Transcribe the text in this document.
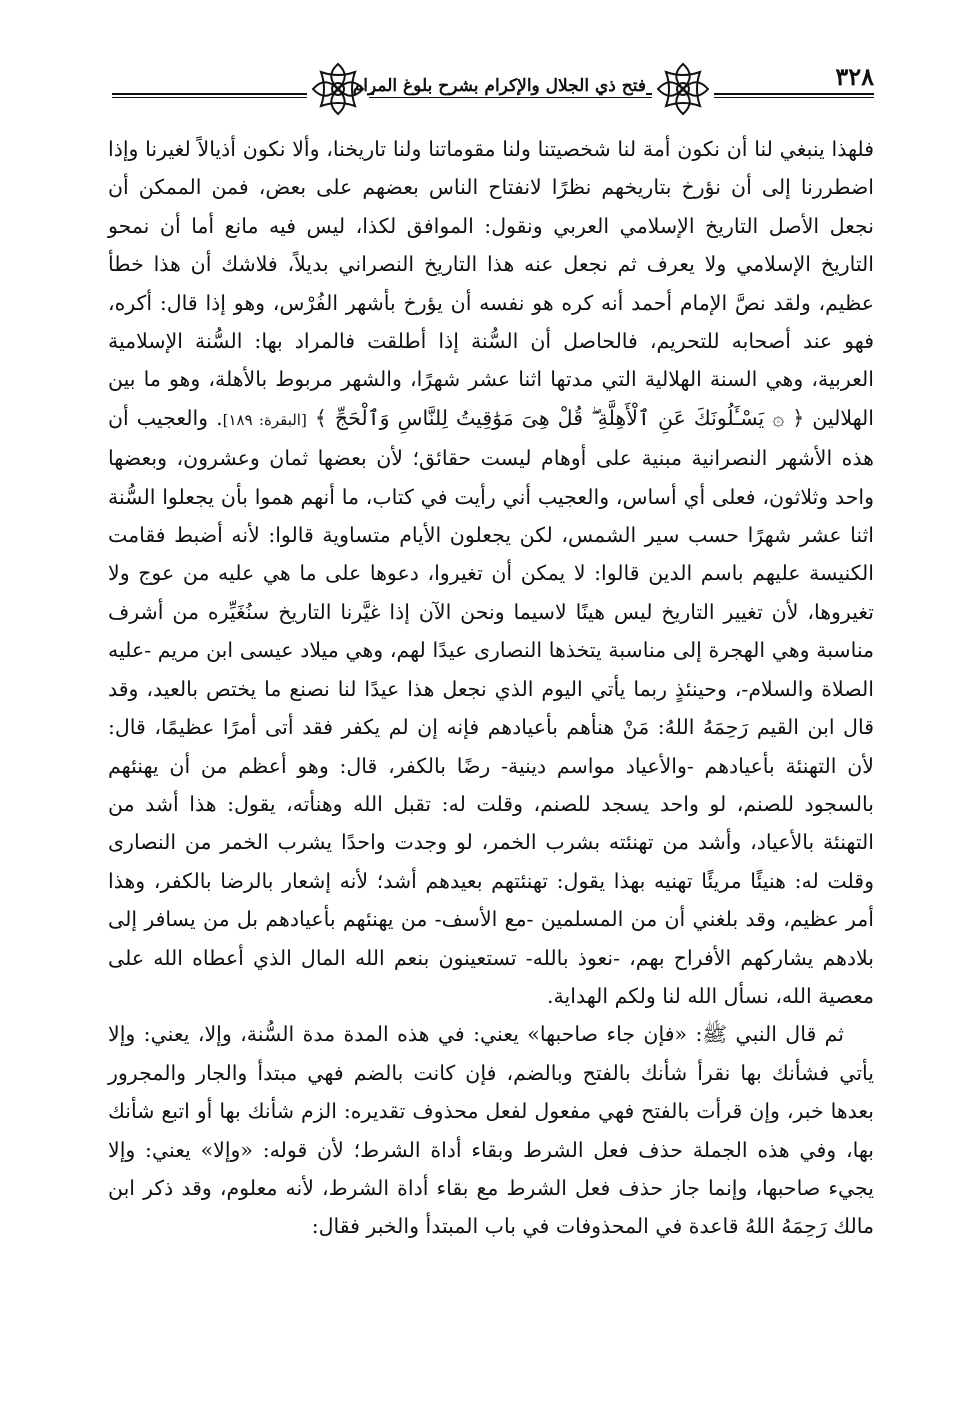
فتح ذي الجلال والإكرام بشرح بلوغ المرام	٣٢٨

فلهذا ينبغي لنا أن نكون أمة لنا شخصيتنا ولنا مقوماتنا ولنا تاريخنا، وألا نكون أذيالاً لغيرنا وإذا اضطررنا إلى أن نؤرخ بتاريخهم نظرًا لانفتاح الناس بعضهم على بعض، فمن الممكن أن نجعل الأصل التاريخ الإسلامي العربي ونقول: الموافق لكذا، ليس فيه مانع أما أن نمحو التاريخ الإسلامي ولا يعرف ثم نجعل عنه هذا التاريخ النصراني بديلاً، فلاشك أن هذا خطأ عظيم، ولقد نصَّ الإمام أحمد أنه كره هو نفسه أن يؤرخ بأشهر الفُرْس، وهو إذا قال: أكره، فهو عند أصحابه للتحريم، فالحاصل أن السُّنة إذا أطلقت فالمراد بها: السُّنة الإسلامية العربية، وهي السنة الهلالية التي مدتها اثنا عشر شهرًا، والشهر مربوط بالأهلة، وهو ما بين الهلالين ﴿ ۞ يَسْـَٔلُونَكَ عَنِ ٱلْأَهِلَّةِ ۖ قُلْ هِىَ مَوَٰقِيتُ لِلنَّاسِ وَٱلْحَجِّ ﴾ [البقرة: ١٨٩]. والعجيب أن هذه الأشهر النصرانية مبنية على أوهام ليست حقائق؛ لأن بعضها ثمان وعشرون، وبعضها واحد وثلاثون، فعلى أي أساس، والعجيب أني رأيت في كتاب، ما أنهم هموا بأن يجعلوا السُّنة اثنا عشر شهرًا حسب سير الشمس، لكن يجعلون الأيام متساوية قالوا: لأنه أضبط فقامت الكنيسة عليهم باسم الدين قالوا: لا يمكن أن تغيروا، دعوها على ما هي عليه من عوج ولا تغيروها، لأن تغيير التاريخ ليس هينًا لاسيما ونحن الآن إذا غيَّرنا التاريخ سنُغَيِّره من أشرف مناسبة وهي الهجرة إلى مناسبة يتخذها النصارى عيدًا لهم، وهي ميلاد عيسى ابن مريم -عليه الصلاة والسلام-، وحينئذٍ ربما يأتي اليوم الذي نجعل هذا عيدًا لنا نصنع ما يختص بالعيد، وقد قال ابن القيم رَحِمَهُ اللهُ: مَنْ هنأهم بأعيادهم فإنه إن لم يكفر فقد أتى أمرًا عظيمًا، قال: لأن التهنئة بأعيادهم -والأعياد مواسم دينية- رضًا بالكفر، قال: وهو أعظم من أن يهنئهم بالسجود للصنم، لو واحد يسجد للصنم، وقلت له: تقبل الله وهنأته، يقول: هذا أشد من التهنئة بالأعياد، وأشد من تهنئته بشرب الخمر، لو وجدت واحدًا يشرب الخمر من النصارى وقلت له: هنيئًا مريئًا تهنيه بهذا يقول: تهنئتهم بعيدهم أشد؛ لأنه إشعار بالرضا بالكفر، وهذا أمر عظيم، وقد بلغني أن من المسلمين -مع الأسف- من يهنئهم بأعيادهم بل من يسافر إلى بلادهم يشاركهم الأفراح بهم، -نعوذ بالله- تستعينون بنعم الله المال الذي أعطاه الله على معصية الله، نسأل الله لنا ولكم الهداية.

ثم قال النبي ﷺ: «فإن جاء صاحبها» يعني: في هذه المدة مدة السُّنة، وإلا، يعني: وإلا يأتي فشأنك بها نقرأ شأنك بالفتح وبالضم، فإن كانت بالضم فهي مبتدأ والجار والمجرور بعدها خبر، وإن قرأت بالفتح فهي مفعول لفعل محذوف تقديره: الزم شأنك بها أو اتبع شأنك بها، وفي هذه الجملة حذف فعل الشرط وبقاء أداة الشرط؛ لأن قوله: «وإلا» يعني: وإلا يجيء صاحبها، وإنما جاز حذف فعل الشرط مع بقاء أداة الشرط، لأنه معلوم، وقد ذكر ابن مالك رَحِمَهُ اللهُ قاعدة في المحذوفات في باب المبتدأ والخبر فقال:
